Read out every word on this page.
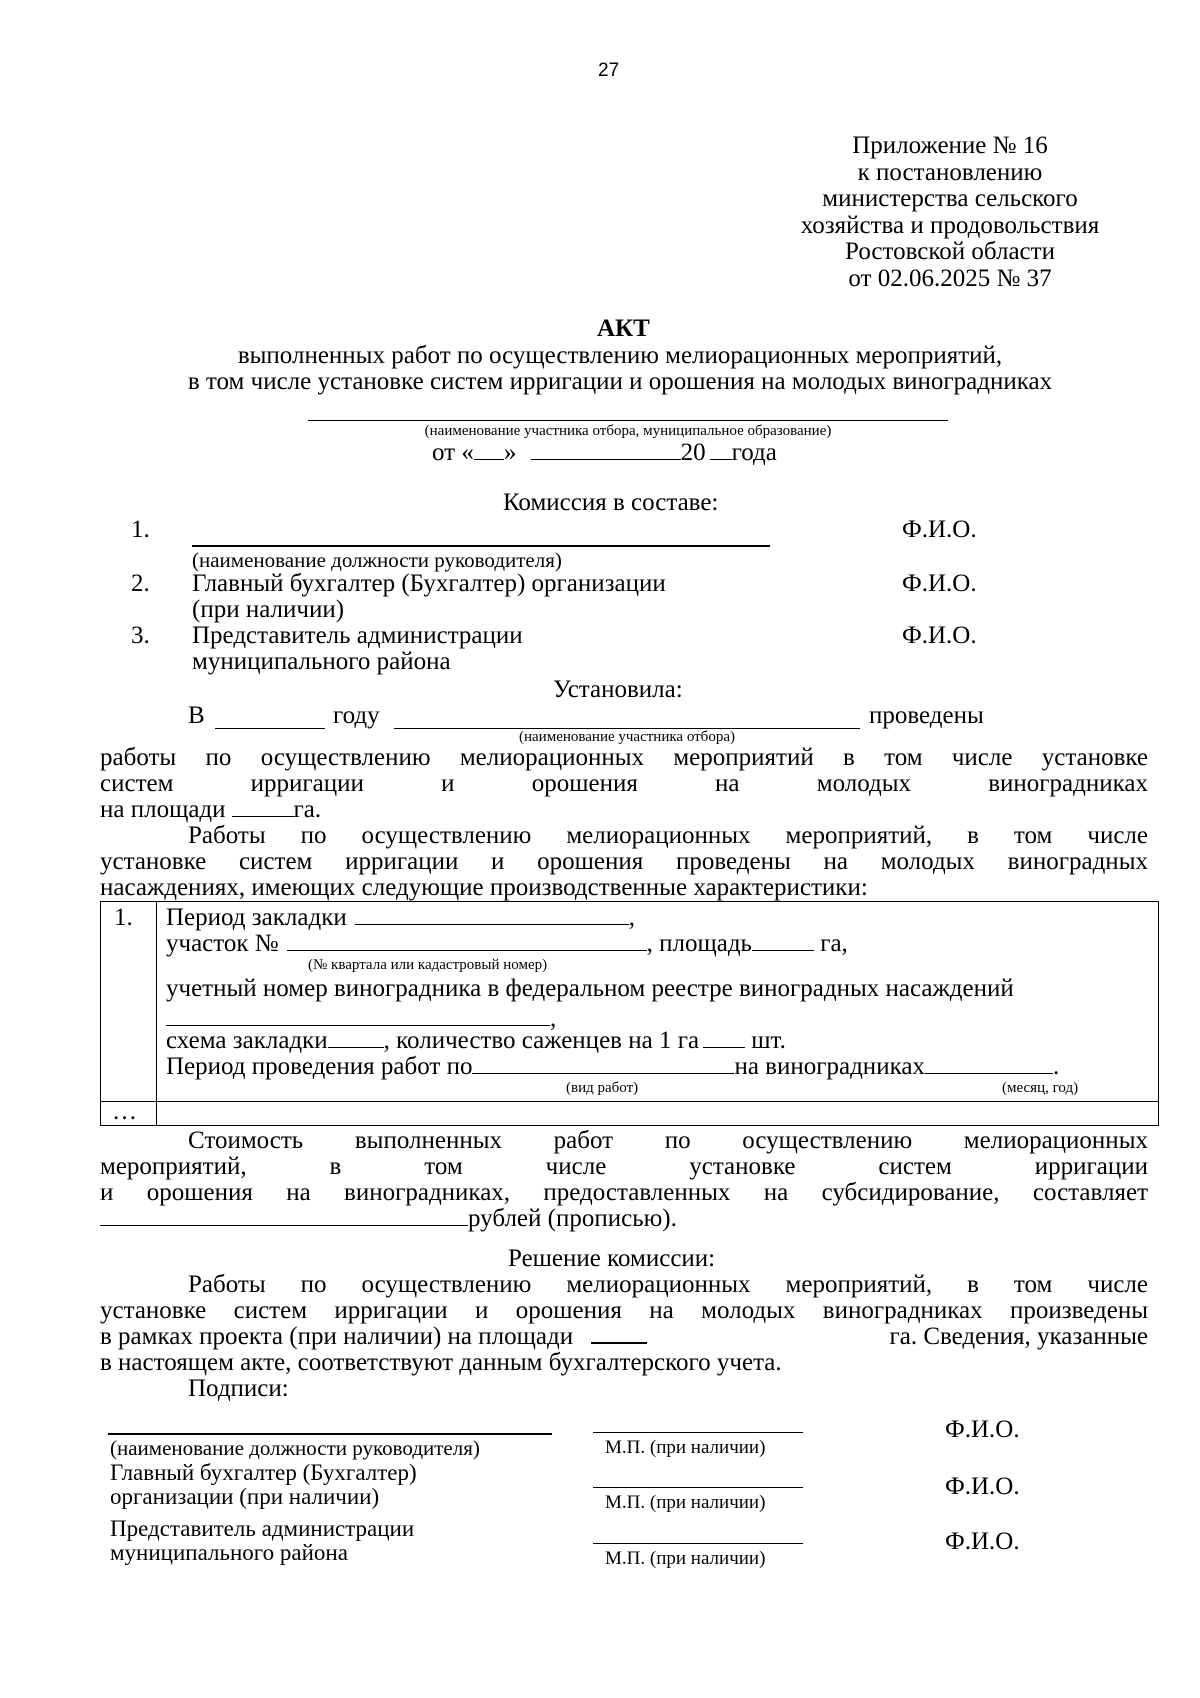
27
Приложение № 16
к постановлению
министерства сельского
хозяйства и продовольствия
Ростовской области
от 02.06.2025 № 37
АКТ
выполненных работ по осуществлению мелиорационных мероприятий,
в том числе установке систем ирригации и орошения на молодых виноградниках
(наименование участника отбора, муниципальное образование)
от « »	20 года
Комиссия в составе:
1.	Ф.И.О.
(наименование должности руководителя)
2. Главный бухгалтер (Бухгалтер) организации
(при наличии)
Ф.И.О.
3. Представитель администрации
муниципального района
Ф.И.О.
Установила:
В	году
(наименование участника отбора)
проведены
работы по осуществлению мелиорационных мероприятий в том числе установке
систем ирригации и орошения на молодых виноградниках
на площади	га.
Работы по осуществлению мелиорационных мероприятий, в том числе
установке систем ирригации и орошения проведены на молодых виноградных
насаждениях, имеющих следующие производственные характеристики:
1. Период закладки	,
участок №	, площадь	га,
(№ квартала или кадастровый номер)
учетный номер виноградника в федеральном реестре виноградных насаждений
,
схема закладки , количество саженцев на 1 га шт.
Период проведения работ по	на виноградниках	.
(вид работ)	(месяц, год)
…
Стоимость выполненных работ по осуществлению мелиорационных
мероприятий, в том числе установке систем ирригации
и орошения на виноградниках, предоставленных на субсидирование, составляет
рублей (прописью).
Решение комиссии:
Работы по осуществлению мелиорационных мероприятий, в том числе
установке систем ирригации и орошения на молодых виноградниках произведены
в рамках проекта (при наличии) на площади	га. Сведения, указанные
в настоящем акте, соответствуют данным бухгалтерского учета.
Подписи:
(наименование должности руководителя)	М.П. (при наличии)
Ф.И.О.
Главный бухгалтер (Бухгалтер)
организации (при наличии)	М.П. (при наличии)
Ф.И.О.
Представитель администрации
муниципального района	М.П. (при наличии)
Ф.И.О.
